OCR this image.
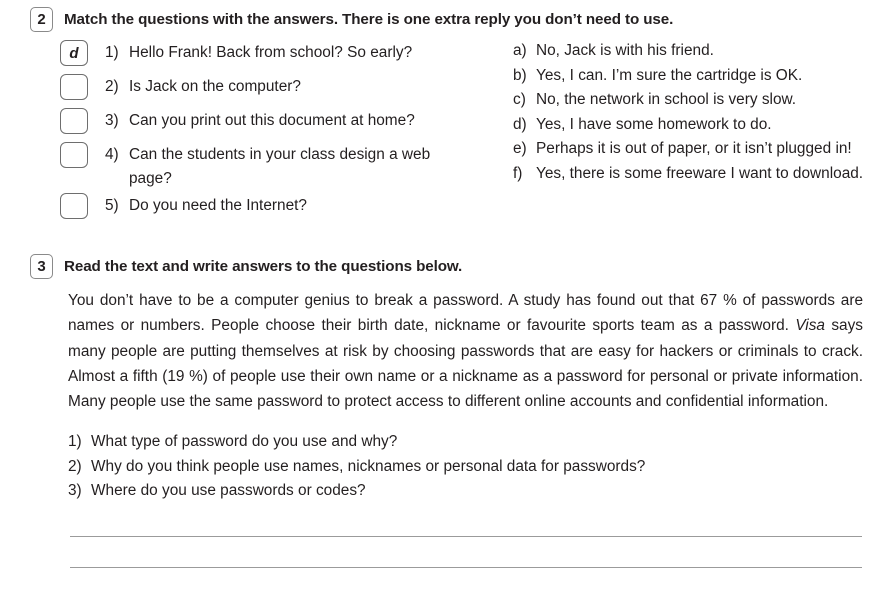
2	Match the questions with the answers. There is one extra reply you don’t need to use.
d	1) Hello Frank! Back from school? So early?
2) Is Jack on the computer?
3) Can you print out this document at home?
4) Can the students in your class design a web page?
5) Do you need the Internet?
a) No, Jack is with his friend.
b) Yes, I can. I’m sure the cartridge is OK.
c) No, the network in school is very slow.
d) Yes, I have some homework to do.
e) Perhaps it is out of paper, or it isn’t plugged in!
f) Yes, there is some freeware I want to download.
3	Read the text and write answers to the questions below.

You don’t have to be a computer genius to break a password. A study has found out that 67 % of passwords are names or numbers. People choose their birth date, nickname or favourite sports team as a password. Visa says many people are putting themselves at risk by choosing passwords that are easy for hackers or criminals to crack. Almost a fifth (19 %) of people use their own name or a nickname as a password for personal or private information. Many people use the same password to protect access to different online accounts and confidential information.

1) What type of password do you use and why?
2) Why do you think people use names, nicknames or personal data for passwords?
3) Where do you use passwords or codes?
